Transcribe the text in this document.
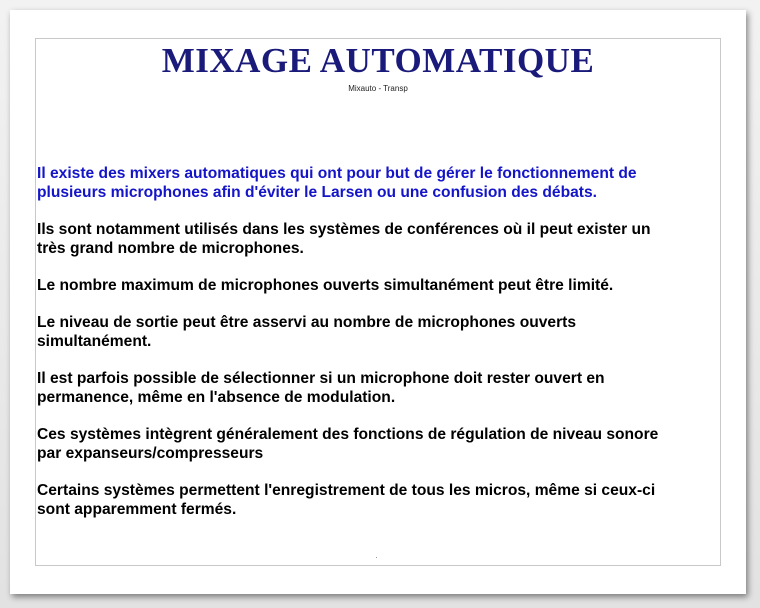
MIXAGE AUTOMATIQUE
Mixauto - Transp

Il existe des mixers automatiques qui ont pour but de gérer le fonctionnement de
plusieurs microphones afin d'éviter le Larsen ou une confusion des débats.

Ils sont notamment utilisés dans les systèmes de conférences où il peut exister un
très grand nombre de microphones.

Le nombre maximum de microphones ouverts simultanément peut être limité.

Le niveau de sortie peut être asservi au nombre de microphones ouverts
simultanément.

Il est parfois possible de sélectionner si un microphone doit rester ouvert en
permanence, même en l'absence de modulation.

Ces systèmes intègrent généralement des fonctions de régulation de niveau sonore
par expanseurs/compresseurs

Certains systèmes permettent l'enregistrement de tous les micros, même si ceux-ci
sont apparemment fermés.
